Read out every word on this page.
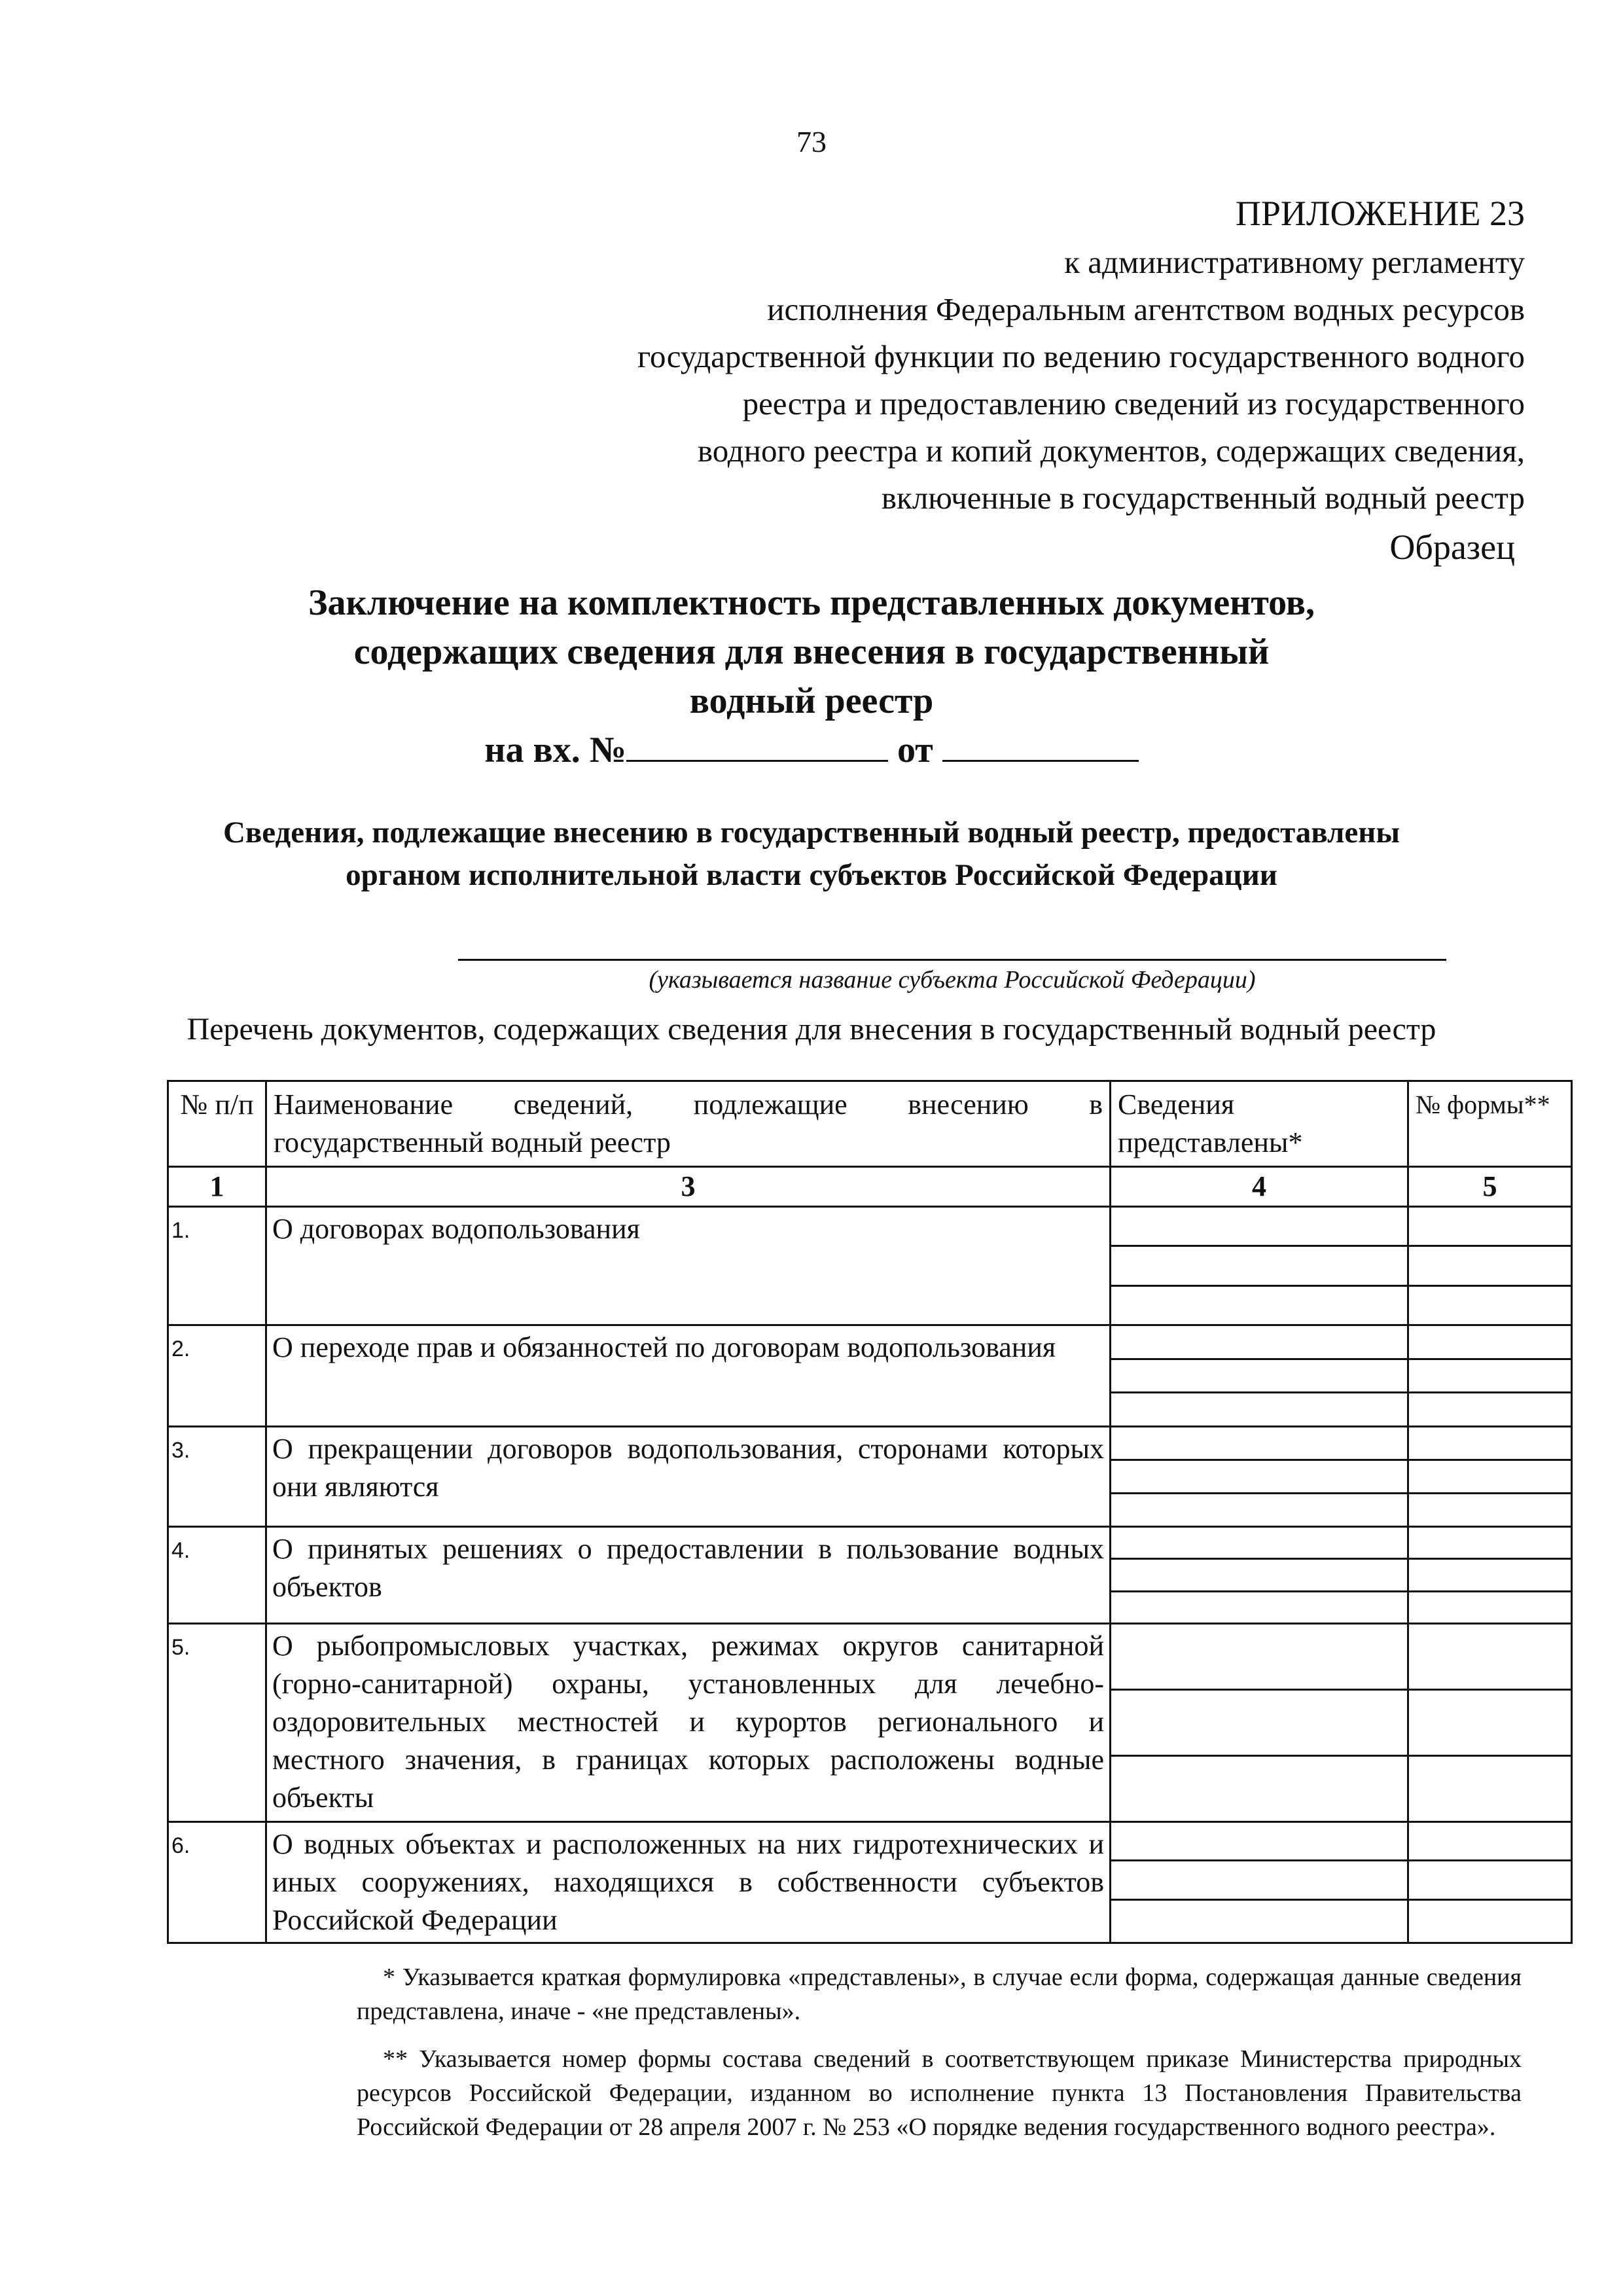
73
ПРИЛОЖЕНИЕ 23
к административному регламенту
исполнения Федеральным агентством водных ресурсов
государственной функции по ведению государственного водного
реестра и предоставлению сведений из государственного
водного реестра и копий документов, содержащих сведения,
включенные в государственный водный реестр
Образец
Заключение на комплектность представленных документов,
содержащих сведения для внесения в государственный
водный реестр
на вх. №	от
Сведения, подлежащие внесению в государственный водный реестр, предоставлены
органом исполнительной власти субъектов Российской Федерации
(указывается название субъекта Российской Федерации)
Перечень документов, содержащих сведения для внесения в государственный водный реестр
№ п/п	Наименование сведений, подлежащие внесению в государственный водный реестр	Сведения представлены*	№ формы**
1	3	4	5
1.	О договорах водопользования	

2.	О переходе прав и обязанностей по договорам водопользования	

3.	О прекращении договоров водопользования, сторонами которых они являются	

4.	О принятых решениях о предоставлении в пользование водных объектов	

5.	О рыбопромысловых участках, режимах округов санитарной (горно-санитарной) охраны, установленных для лечебно-оздоровительных местностей и курортов регионального и местного значения, в границах которых расположены водные объекты	

6.	О водных объектах и расположенных на них гидротехнических и иных сооружениях, находящихся в собственности субъектов Российской Федерации	

* Указывается краткая формулировка «представлены», в случае если форма, содержащая данные сведения представлена, иначе - «не представлены».
** Указывается номер формы состава сведений в соответствующем приказе Министерства природных ресурсов Российской Федерации, изданном во исполнение пункта 13 Постановления Правительства Российской Федерации от 28 апреля 2007 г. № 253 «О порядке ведения государственного водного реестра».
